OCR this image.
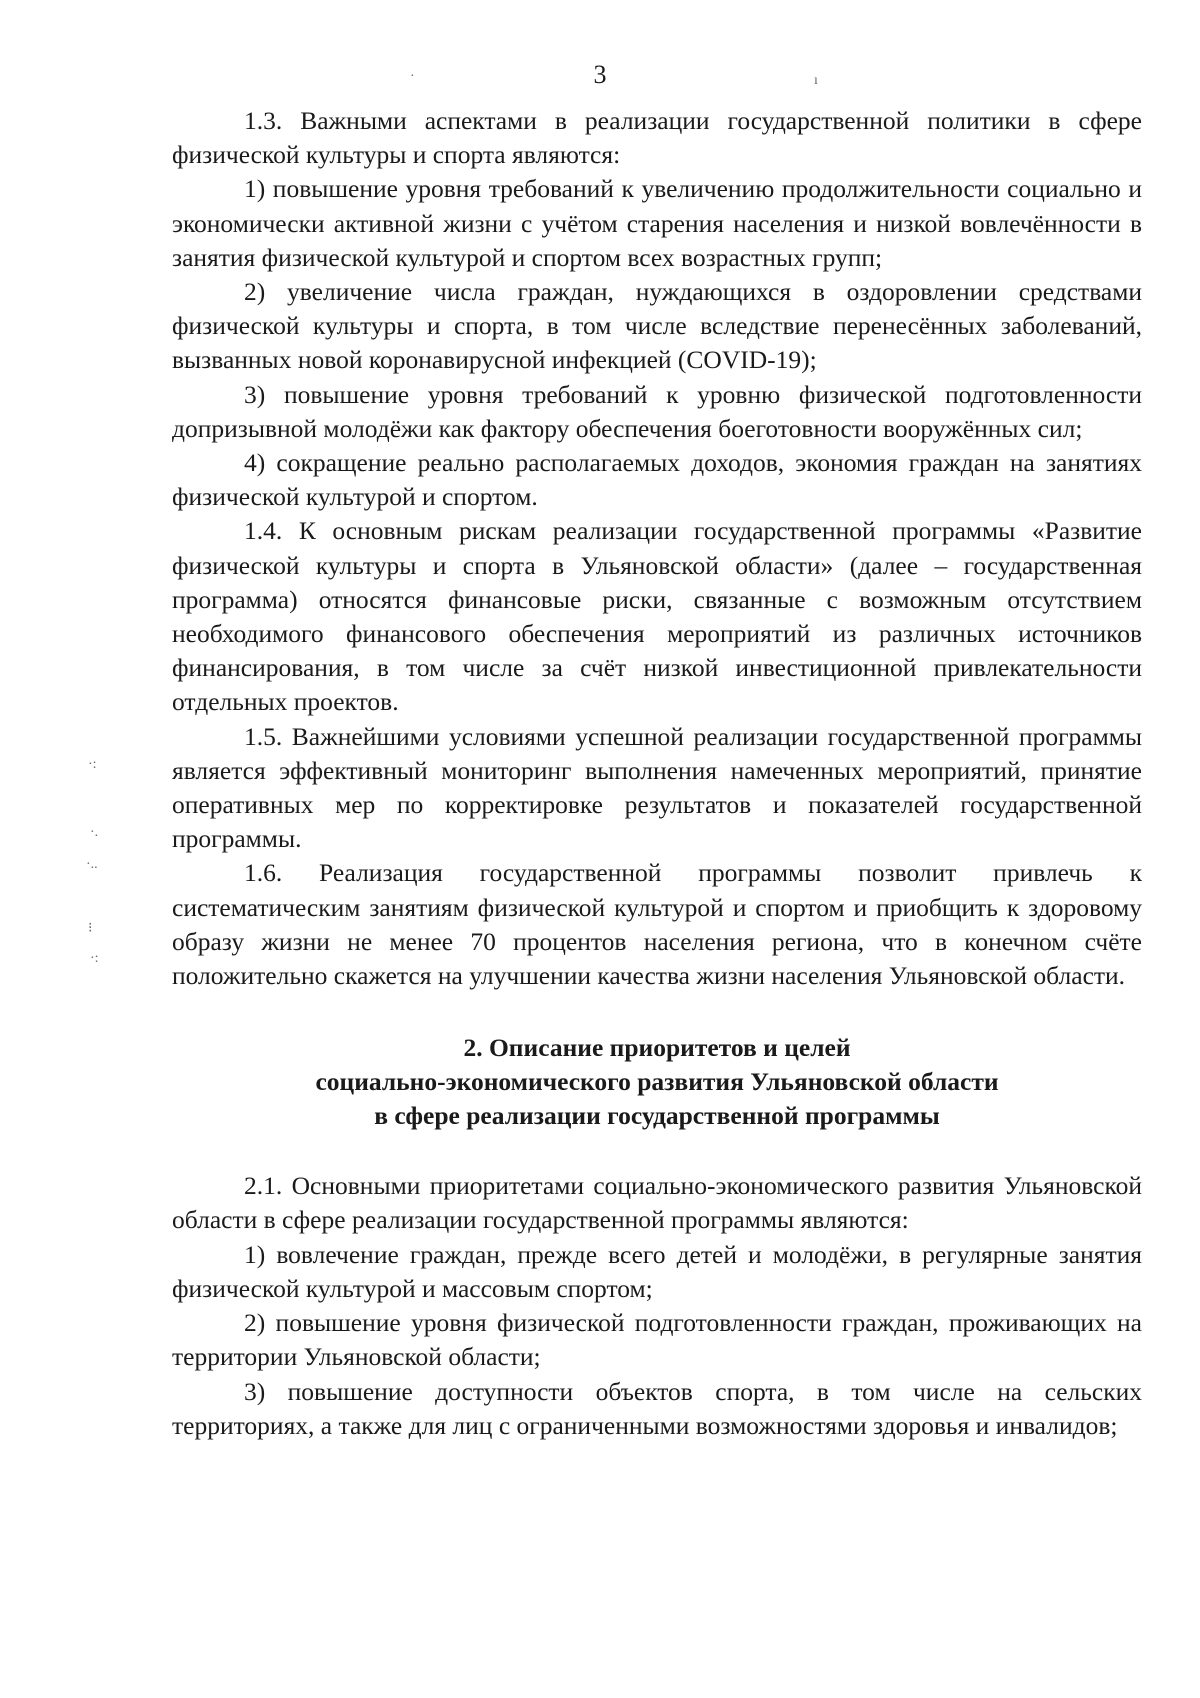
3
·	ı
·:
·.
·..
⁝
·:

1.3. Важными аспектами в реализации государственной политики в сфере физической культуры и спорта являются:

1) повышение уровня требований к увеличению продолжительности социально и экономически активной жизни с учётом старения населения и низкой вовлечённости в занятия физической культурой и спортом всех возрастных групп;

2) увеличение числа граждан, нуждающихся в оздоровлении средствами физической культуры и спорта, в том числе вследствие перенесённых заболеваний, вызванных новой коронавирусной инфекцией (COVID-19);

3) повышение уровня требований к уровню физической подготовленности допризывной молодёжи как фактору обеспечения боеготовности вооружённых сил;

4) сокращение реально располагаемых доходов, экономия граждан на занятиях физической культурой и спортом.

1.4. К основным рискам реализации государственной программы «Развитие физической культуры и спорта в Ульяновской области» (далее – государственная программа) относятся финансовые риски, связанные с возможным отсутствием необходимого финансового обеспечения мероприятий из различных источников финансирования, в том числе за счёт низкой инвестиционной привлекательности отдельных проектов.

1.5. Важнейшими условиями успешной реализации государственной программы является эффективный мониторинг выполнения намеченных мероприятий, принятие оперативных мер по корректировке результатов и показателей государственной программы.

1.6. Реализация государственной программы позволит привлечь к систематическим занятиям физической культурой и спортом и приобщить к здоровому образу жизни не менее 70 процентов населения региона, что в конечном счёте положительно скажется на улучшении качества жизни населения Ульяновской области.

2. Описание приоритетов и целей
социально-экономического развития Ульяновской области
в сфере реализации государственной программы

2.1. Основными приоритетами социально-экономического развития Ульяновской области в сфере реализации государственной программы являются:

1) вовлечение граждан, прежде всего детей и молодёжи, в регулярные занятия физической культурой и массовым спортом;

2) повышение уровня физической подготовленности граждан, проживающих на территории Ульяновской области;

3) повышение доступности объектов спорта, в том числе на сельских территориях, а также для лиц с ограниченными возможностями здоровья и инвалидов;
